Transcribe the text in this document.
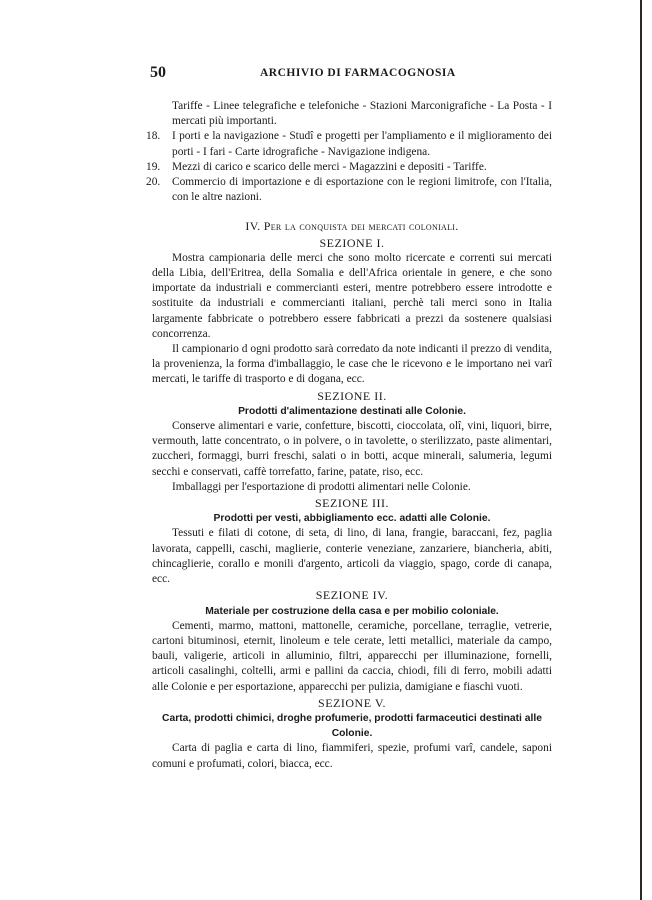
50	ARCHIVIO DI FARMACOGNOSIA
Tariffe - Linee telegrafiche e telefoniche - Stazioni Marconigrafiche - La Posta - I mercati più importanti.
18. I porti e la navigazione - Studî e progetti per l'ampliamento e il miglioramento dei porti - I fari - Carte idrografiche - Navigazione indigena.
19. Mezzi di carico e scarico delle merci - Magazzini e depositi - Tariffe.
20. Commercio di importazione e di esportazione con le regioni limitrofe, con l'Italia, con le altre nazioni.
IV. Per la conquista dei mercati coloniali.
SEZIONE I.
Mostra campionaria delle merci che sono molto ricercate e correnti sui mercati della Libia, dell'Eritrea, della Somalia e dell'Africa orientale in genere, e che sono importate da industriali e commercianti esteri, mentre potrebbero essere introdotte e sostituite da industriali e commercianti italiani, perchè tali merci sono in Italia largamente fabbricate o potrebbero essere fabbricati a prezzi da sostenere qualsiasi concorrenza.
Il campionario d ogni prodotto sarà corredato da note indicanti il prezzo di vendita, la provenienza, la forma d'imballaggio, le case che le ricevono e le importano nei varî mercati, le tariffe di trasporto e di dogana, ecc.
SEZIONE II.
Prodotti d'alimentazione destinati alle Colonie.
Conserve alimentari e varie, confetture, biscotti, cioccolata, olî, vini, liquori, birre, vermouth, latte concentrato, o in polvere, o in tavolette, o sterilizzato, paste alimentari, zuccheri, formaggi, burri freschi, salati o in botti, acque minerali, salumeria, legumi secchi e conservati, caffè torrefatto, farine, patate, riso, ecc.
Imballaggi per l'esportazione di prodotti alimentari nelle Colonie.
SEZIONE III.
Prodotti per vesti, abbigliamento ecc. adatti alle Colonie.
Tessuti e filati di cotone, di seta, di lino, di lana, frangie, baraccani, fez, paglia lavorata, cappelli, caschi, maglierie, conterie veneziane, zanzariere, biancheria, abiti, chincaglierie, corallo e monili d'argento, articoli da viaggio, spago, corde di canapa, ecc.
SEZIONE IV.
Materiale per costruzione della casa e per mobilio coloniale.
Cementi, marmo, mattoni, mattonelle, ceramiche, porcellane, terraglie, vetrerie, cartoni bituminosi, eternit, linoleum e tele cerate, letti metallici, materiale da campo, bauli, valigerie, articoli in alluminio, filtri, apparecchi per illuminazione, fornelli, articoli casalinghi, coltelli, armi e pallini da caccia, chiodi, fili di ferro, mobili adatti alle Colonie e per esportazione, apparecchi per pulizia, damigiane e fiaschi vuoti.
SEZIONE V.
Carta, prodotti chimici, droghe profumerie, prodotti farmaceutici destinati alle Colonie.
Carta di paglia e carta di lino, fiammiferi, spezie, profumi varî, candele, saponi comuni e profumati, colori, biacca, ecc.
